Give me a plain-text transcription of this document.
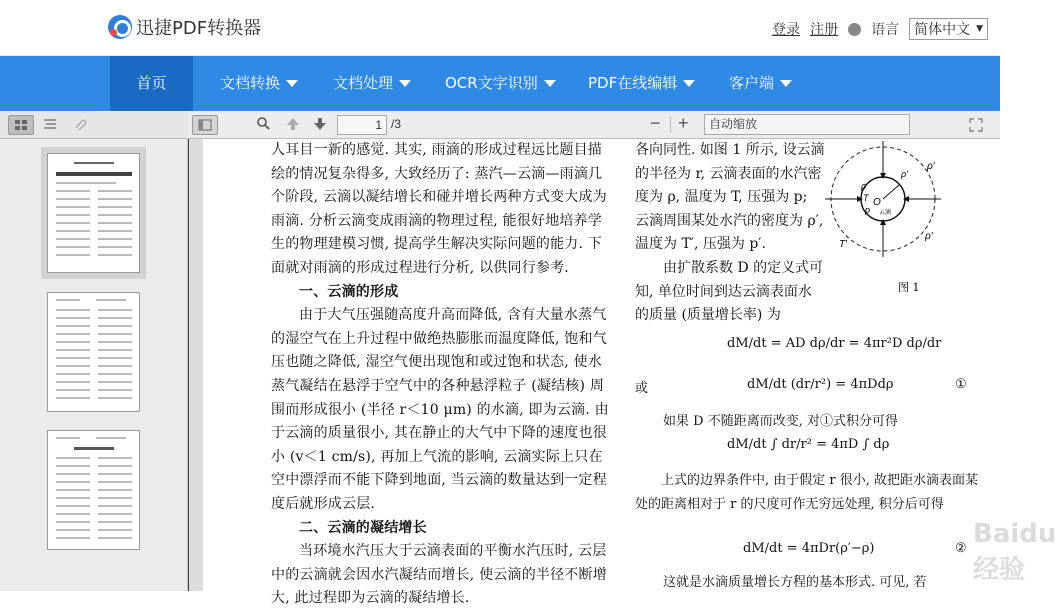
迅捷PDF转换器	登录 注册 语言 简体中文 ▼
首页	文档转换	文档处理	OCR文字识别	PDF在线编辑	客户端
1 /3	− +	自动缩放

人耳目一新的感觉. 其实, 雨滴的形成过程远比题目描绘的情况复杂得多, 大致经历了: 蒸汽—云滴—雨滴几个阶段, 云滴以凝结增长和碰并增长两种方式变大成为雨滴. 分析云滴变成雨滴的物理过程, 能很好地培养学生的物理建模习惯, 提高学生解决实际问题的能力. 下面就对雨滴的形成过程进行分析, 以供同行参考.

一、云滴的形成

由于大气压强随高度升高而降低, 含有大量水蒸气的湿空气在上升过程中做绝热膨胀而温度降低, 饱和气压也随之降低, 湿空气便出现饱和或过饱和状态, 使水蒸气凝结在悬浮于空气中的各种悬浮粒子 (凝结核) 周围而形成很小 (半径 r＜10 μm) 的水滴, 即为云滴. 由于云滴的质量很小, 其在静止的大气中下降的速度也很小 (v＜1 cm/s), 再加上气流的影响, 云滴实际上只在空中漂浮而不能下降到地面, 当云滴的数量达到一定程度后就形成云层.

二、云滴的凝结增长

当环境水汽压大于云滴表面的平衡水汽压时, 云层中的云滴就会因水汽凝结而增长, 使云滴的半径不断增大, 此过程即为云滴的凝结增长.

各向同性. 如图 1 所示, 设云滴的半径为 r, 云滴表面的水汽密度为 ρ, 温度为 T, 压强为 p; 云滴周围某处水汽的密度为 ρ′, 温度为 T′, 压强为 p′.

由扩散系数 D 的定义式可知, 单位时间到达云滴表面水的质量 (质量增长率) 为

ρ′
ρ′
ρ
T
p
O
云滴
T′
ρ′
图 1
dM/dt = AD dρ/dr = 4πr²D dρ/dr
或	dM/dt (dr/r²) = 4πDdρ	①

如果 D 不随距离而改变, 对①式积分可得

dM/dt ∫ dr/r² = 4πD ∫ dρ

上式的边界条件中, 由于假定 r 很小, 故把距水滴表面某处的距离相对于 r 的尺度可作无穷远处理, 积分后可得

dM/dt = 4πDr(ρ′−ρ)	②

这就是水滴质量增长方程的基本形式. 可见, 若

Baidu 经验
